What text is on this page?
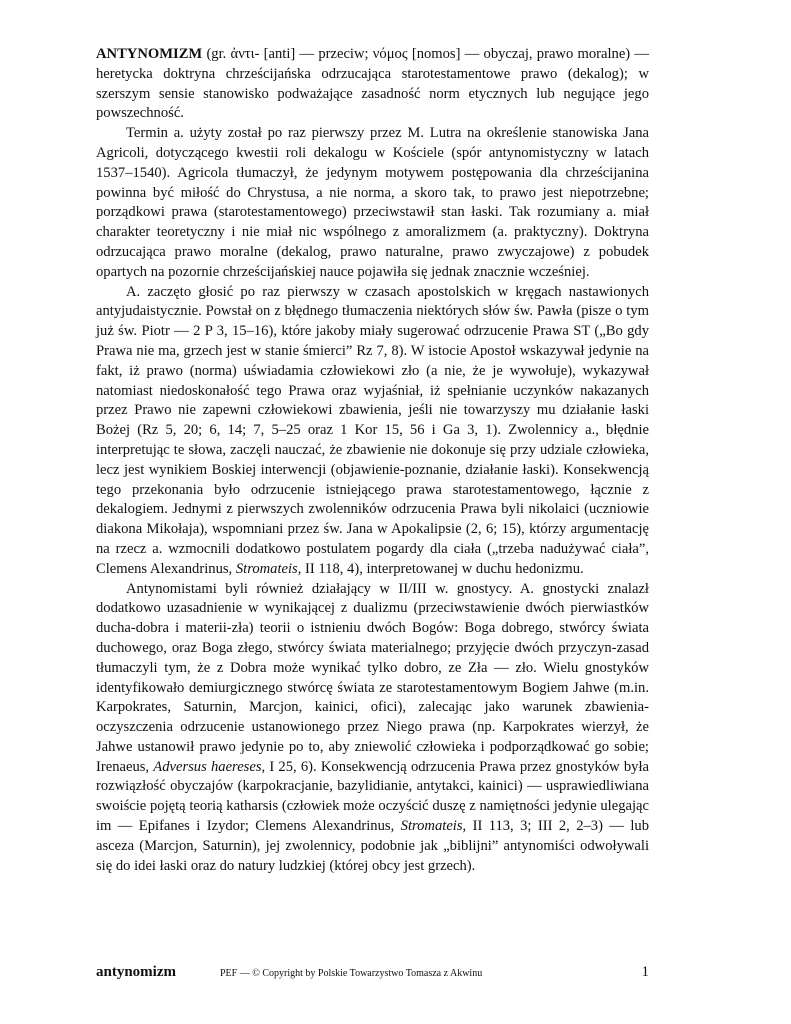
ANTYNOMIZM (gr. ἀντι- [anti] — przeciw; νόμος [nomos] — obyczaj, prawo moralne) — heretycka doktryna chrześcijańska odrzucająca starotestamentowe prawo (dekalog); w szerszym sensie stanowisko podważające zasadność norm etycznych lub negujące jego powszechność.

Termin a. użyty został po raz pierwszy przez M. Lutra na określenie stanowiska Jana Agricoli, dotyczącego kwestii roli dekalogu w Kościele (spór antynomistyczny w latach 1537–1540). Agricola tłumaczył, że jedynym motywem postępowania dla chrześcijanina powinna być miłość do Chrystusa, a nie norma, a skoro tak, to prawo jest niepotrzebne; porządkowi prawa (starotestamentowego) przeciwstawił stan łaski. Tak rozumiany a. miał charakter teoretyczny i nie miał nic wspólnego z amoralizmem (a. praktyczny). Doktryna odrzucająca prawo moralne (dekalog, prawo naturalne, prawo zwyczajowe) z pobudek opartych na pozornie chrześcijańskiej nauce pojawiła się jednak znacznie wcześniej.

A. zaczęto głosić po raz pierwszy w czasach apostolskich w kręgach nastawionych antyjudaistycznie. Powstał on z błędnego tłumaczenia niektórych słów św. Pawła (pisze o tym już św. Piotr — 2 P 3, 15–16), które jakoby miały sugerować odrzucenie Prawa ST („Bo gdy Prawa nie ma, grzech jest w stanie śmierci” Rz 7, 8). W istocie Apostoł wskazywał jedynie na fakt, iż prawo (norma) uświadamia człowiekowi zło (a nie, że je wywołuje), wykazywał natomiast niedoskonałość tego Prawa oraz wyjaśniał, iż spełnianie uczynków nakazanych przez Prawo nie zapewni człowiekowi zbawienia, jeśli nie towarzyszy mu działanie łaski Bożej (Rz 5, 20; 6, 14; 7, 5–25 oraz 1 Kor 15, 56 i Ga 3, 1). Zwolennicy a., błędnie interpretując te słowa, zaczęli nauczać, że zbawienie nie dokonuje się przy udziale człowieka, lecz jest wynikiem Boskiej interwencji (objawienie-poznanie, działanie łaski). Konsekwencją tego przekonania było odrzucenie istniejącego prawa starotestamentowego, łącznie z dekalogiem. Jednymi z pierwszych zwolenników odrzucenia Prawa byli nikolaici (uczniowie diakona Mikołaja), wspomniani przez św. Jana w Apokalipsie (2, 6; 15), którzy argumentację na rzecz a. wzmocnili dodatkowo postulatem pogardy dla ciała („trzeba nadużywać ciała”, Clemens Alexandrinus, Stromateis, II 118, 4), interpretowanej w duchu hedonizmu.

Antynomistami byli również działający w II/III w. gnostycy. A. gnostycki znalazł dodatkowo uzasadnienie w wynikającej z dualizmu (przeciwstawienie dwóch pierwiastków ducha-dobra i materii-zła) teorii o istnieniu dwóch Bogów: Boga dobrego, stwórcy świata duchowego, oraz Boga złego, stwórcy świata materialnego; przyjęcie dwóch przyczyn-zasad tłumaczyli tym, że z Dobra może wynikać tylko dobro, ze Zła — zło. Wielu gnostyków identyfikowało demiurgicznego stwórcę świata ze starotestamentowym Bogiem Jahwe (m.in. Karpokrates, Saturnin, Marcjon, kainici, ofici), zalecając jako warunek zbawienia-oczyszczenia odrzucenie ustanowionego przez Niego prawa (np. Karpokrates wierzył, że Jahwe ustanowił prawo jedynie po to, aby zniewolić człowieka i podporządkować go sobie; Irenaeus, Adversus haereses, I 25, 6). Konsekwencją odrzucenia Prawa przez gnostyków była rozwiązłość obyczajów (karpokracjanie, bazylidianie, antytakci, kainici) — usprawiedliwiana swoiście pojętą teorią katharsis (człowiek może oczyścić duszę z namiętności jedynie ulegając im — Epifanes i Izydor; Clemens Alexandrinus, Stromateis, II 113, 3; III 2, 2–3) — lub asceza (Marcjon, Saturnin), jej zwolennicy, podobnie jak „biblijni” antynomiści odwoływali się do idei łaski oraz do natury ludzkiej (której obcy jest grzech).

antynomizm	PEF — © Copyright by Polskie Towarzystwo Tomasza z Akwinu	1
